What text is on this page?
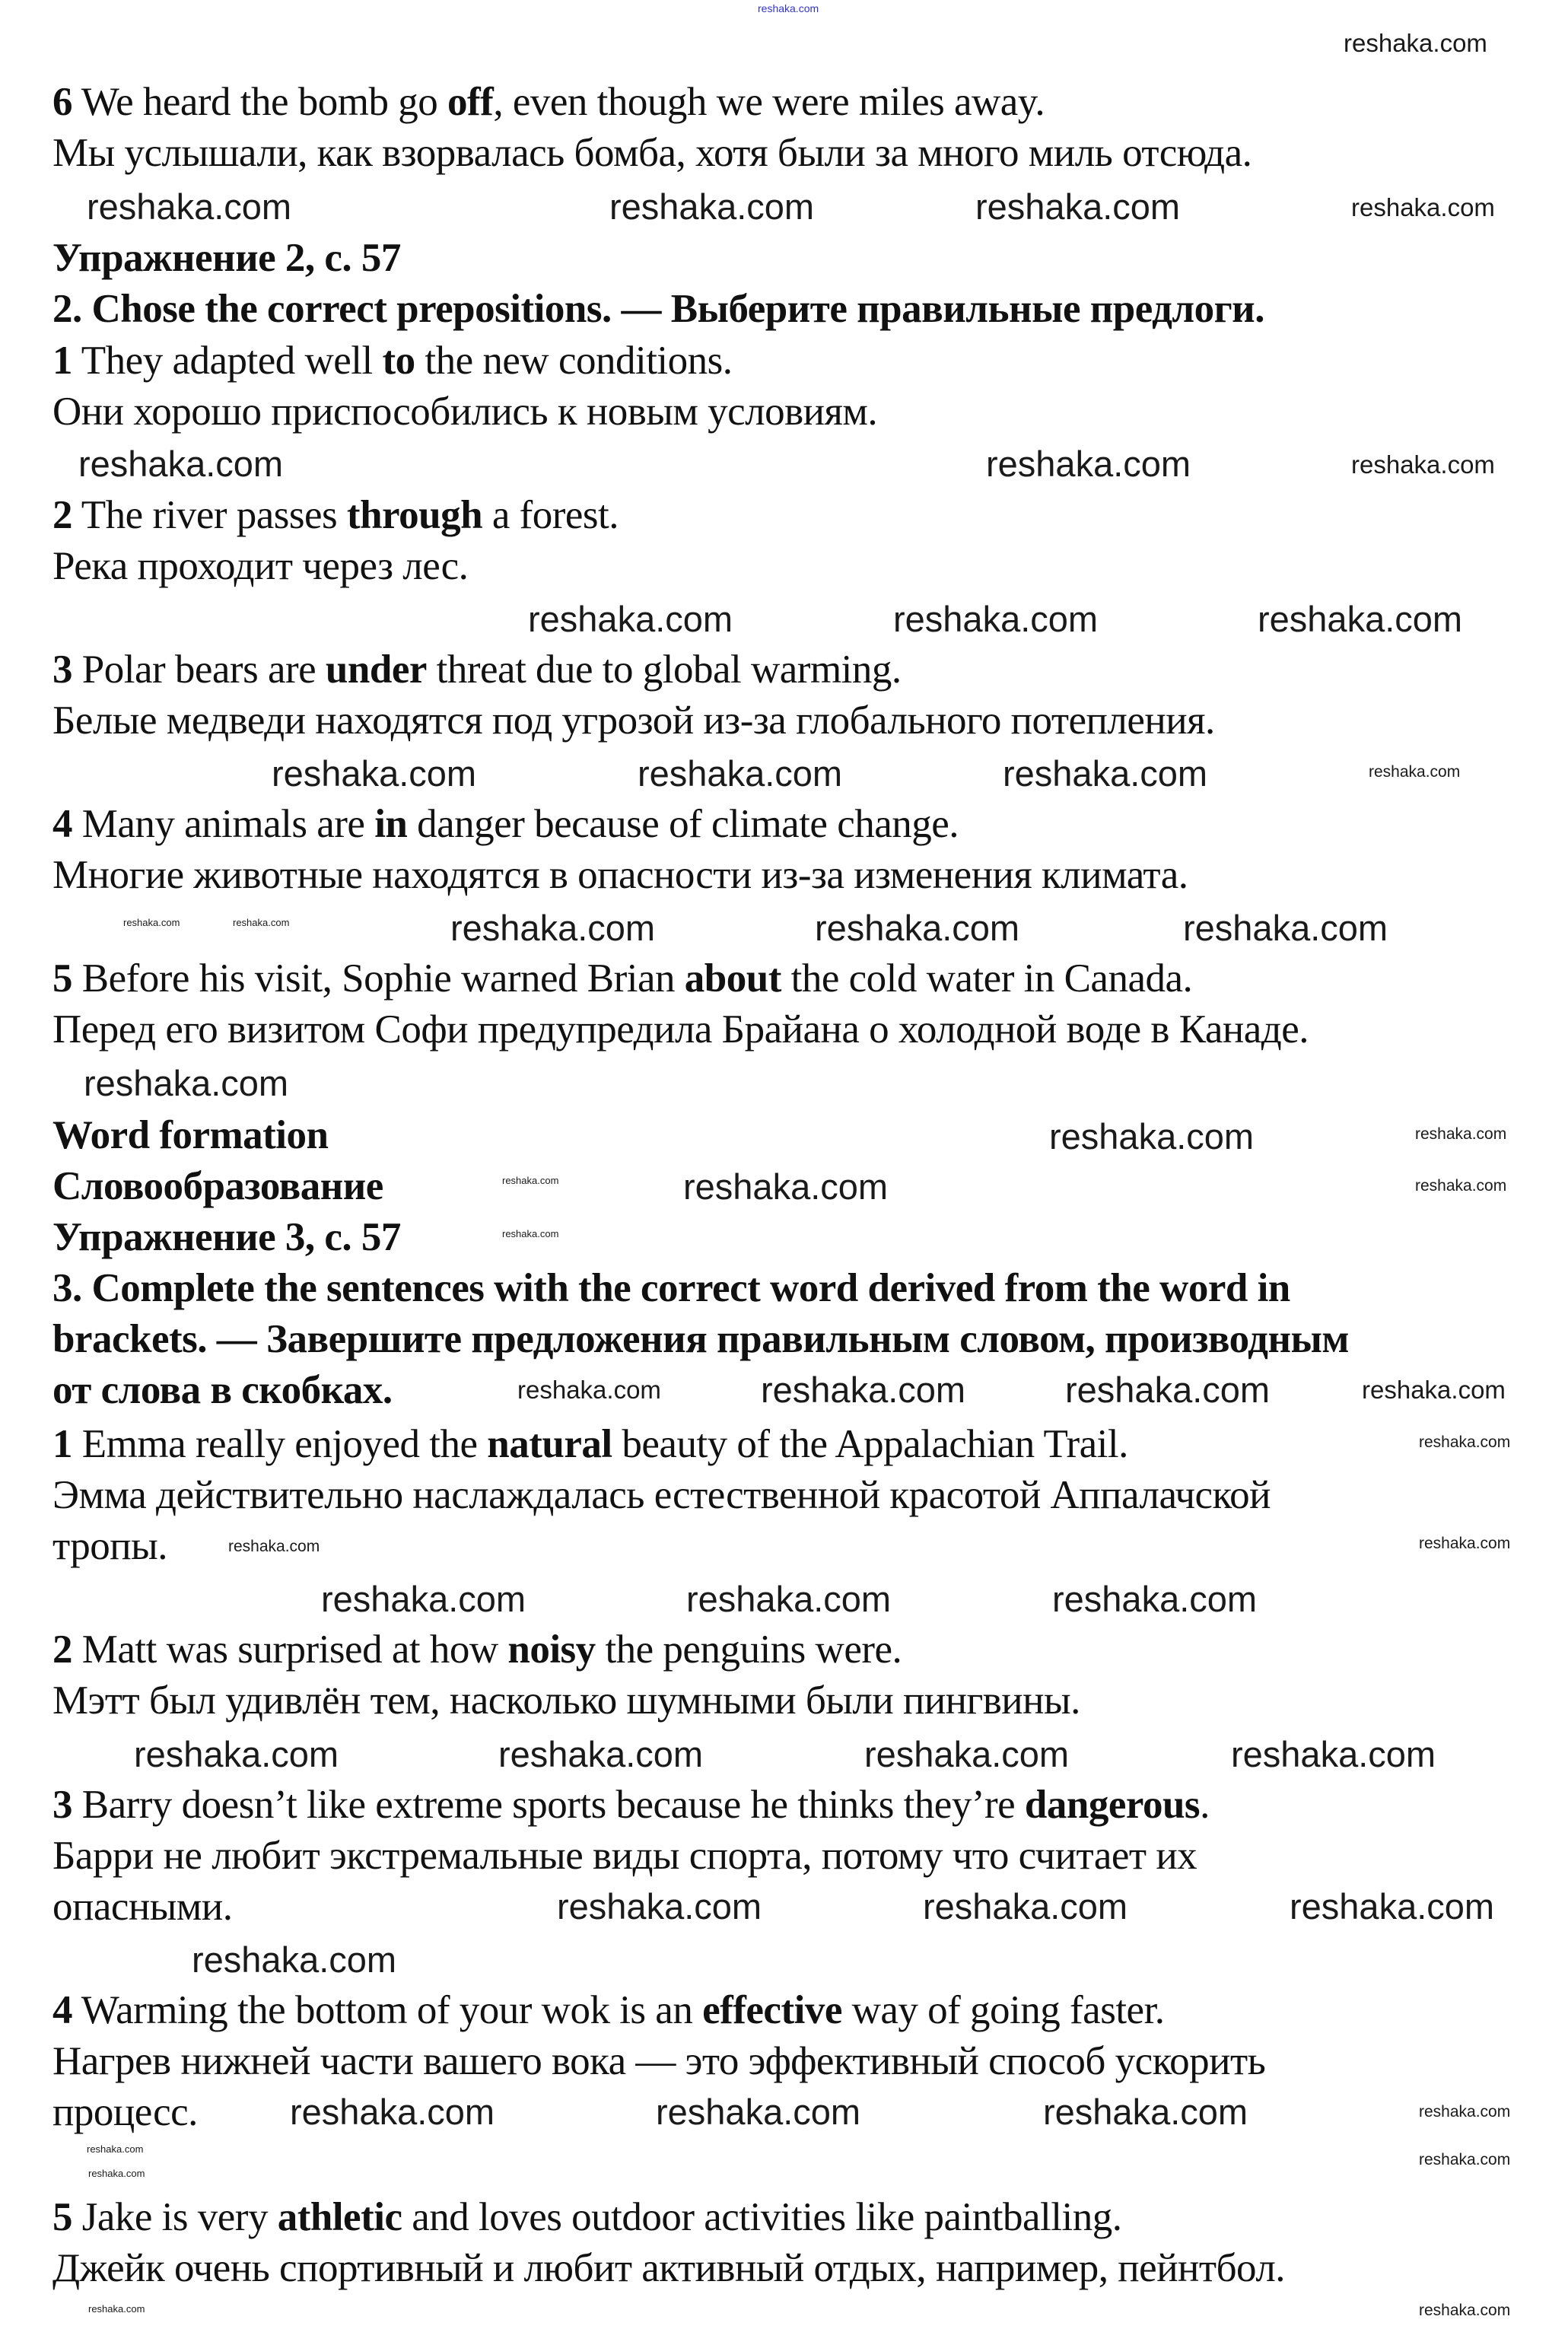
reshaka.com
reshaka.com
reshaka.com	reshaka.com	reshaka.com	reshaka.com
reshaka.com	reshaka.com	reshaka.com
reshaka.com	reshaka.com	reshaka.com
reshaka.com	reshaka.com	reshaka.com	reshaka.com
reshaka.com	reshaka.com	reshaka.com	reshaka.com	reshaka.com
reshaka.com
reshaka.com	reshaka.com
reshaka.com	reshaka.com	reshaka.com
reshaka.com
reshaka.com	reshaka.com	reshaka.com	reshaka.com
reshaka.com
reshaka.com	reshaka.com
reshaka.com	reshaka.com	reshaka.com
reshaka.com	reshaka.com	reshaka.com	reshaka.com
reshaka.com	reshaka.com	reshaka.com
reshaka.com
reshaka.com	reshaka.com	reshaka.com	reshaka.com
reshaka.com
reshaka.com
reshaka.com
reshaka.com	reshaka.com
6 We heard the bomb go off, even though we were miles away.
Мы услышали, как взорвалась бомба, хотя были за много миль отсюда.
Упражнение 2, с. 57
2. Chose the correct prepositions. — Выберите правильные предлоги.
1 They adapted well to the new conditions.
Они хорошо приспособились к новым условиям.
2 The river passes through a forest.
Река проходит через лес.
3 Polar bears are under threat due to global warming.
Белые медведи находятся под угрозой из-за глобального потепления.
4 Many animals are in danger because of climate change.
Многие животные находятся в опасности из-за изменения климата.
5 Before his visit, Sophie warned Brian about the cold water in Canada.
Перед его визитом Софи предупредила Брайана о холодной воде в Канаде.
Word formation
Словообразование
Упражнение 3, с. 57
3. Complete the sentences with the correct word derived from the word in
brackets. — Завершите предложения правильным словом, производным
от слова в скобках.
1 Emma really enjoyed the natural beauty of the Appalachian Trail.
Эмма действительно наслаждалась естественной красотой Аппалачской
тропы.
2 Matt was surprised at how noisy the penguins were.
Мэтт был удивлён тем, насколько шумными были пингвины.
3 Barry doesn’t like extreme sports because he thinks they’re dangerous.
Барри не любит экстремальные виды спорта, потому что считает их
опасными.
4 Warming the bottom of your wok is an effective way of going faster.
Нагрев нижней части вашего вока — это эффективный способ ускорить
процесс.
5 Jake is very athletic and loves outdoor activities like paintballing.
Джейк очень спортивный и любит активный отдых, например, пейнтбол.
